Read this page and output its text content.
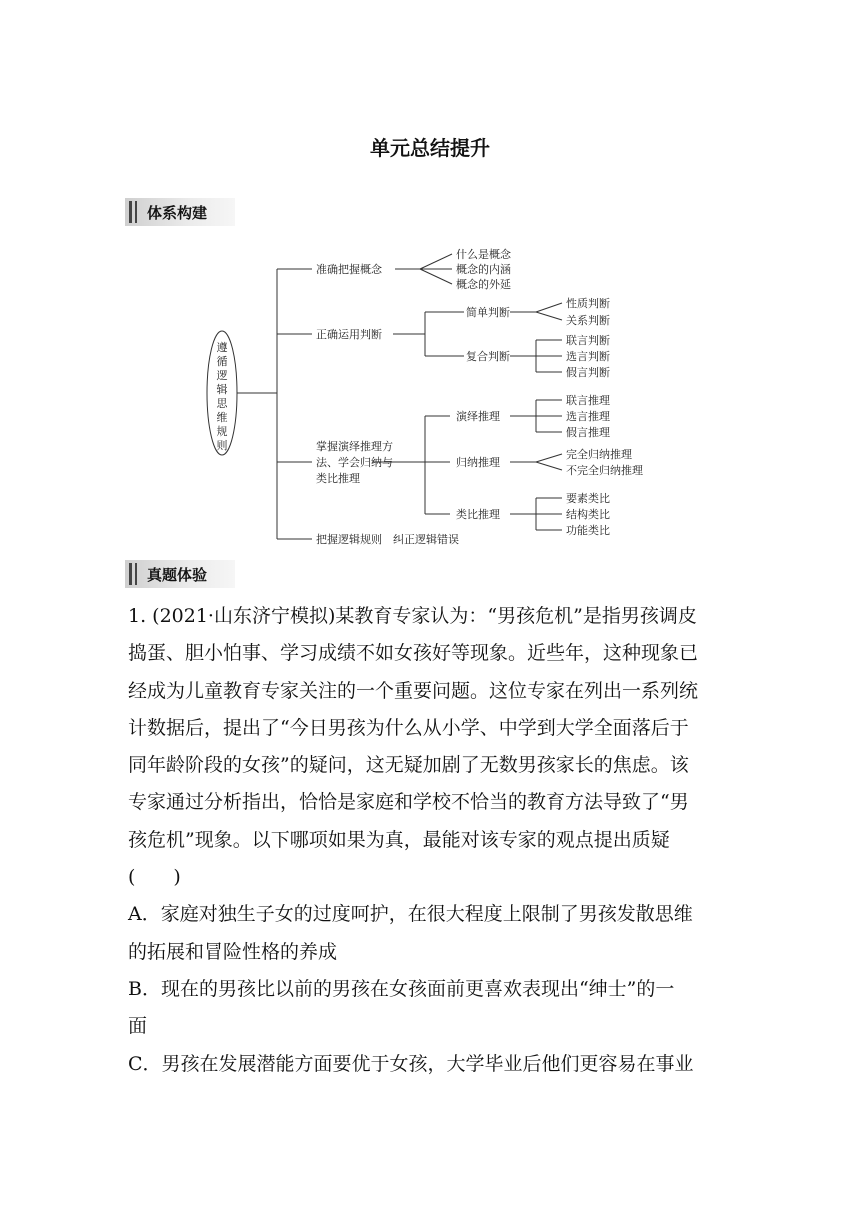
单元总结提升
体系构建
遵
循
逻
辑
思
维
规
则
准确把握概念
什么是概念
概念的内涵
概念的外延
正确运用判断
简单判断
性质判断
关系判断
复合判断
联言判断
选言判断
假言判断
掌握演绎推理方
法、学会归纳与
类比推理
演绎推理
联言推理
选言推理
假言推理
归纳推理
完全归纳推理
不完全归纳推理
类比推理
要素类比
结构类比
功能类比
把握逻辑规则　纠正逻辑错误
真题体验

1. (2021·山东济宁模拟)某教育专家认为：“男孩危机”是指男孩调皮
捣蛋、胆小怕事、学习成绩不如女孩好等现象。近些年，这种现象已
经成为儿童教育专家关注的一个重要问题。这位专家在列出一系列统
计数据后，提出了“今日男孩为什么从小学、中学到大学全面落后于
同年龄阶段的女孩”的疑问，这无疑加剧了无数男孩家长的焦虑。该
专家通过分析指出，恰恰是家庭和学校不恰当的教育方法导致了“男
孩危机”现象。以下哪项如果为真，最能对该专家的观点提出质疑
(　　)

A．家庭对独生子女的过度呵护，在很大程度上限制了男孩发散思维
的拓展和冒险性格的养成

B．现在的男孩比以前的男孩在女孩面前更喜欢表现出“绅士”的一
面

C．男孩在发展潜能方面要优于女孩，大学毕业后他们更容易在事业
